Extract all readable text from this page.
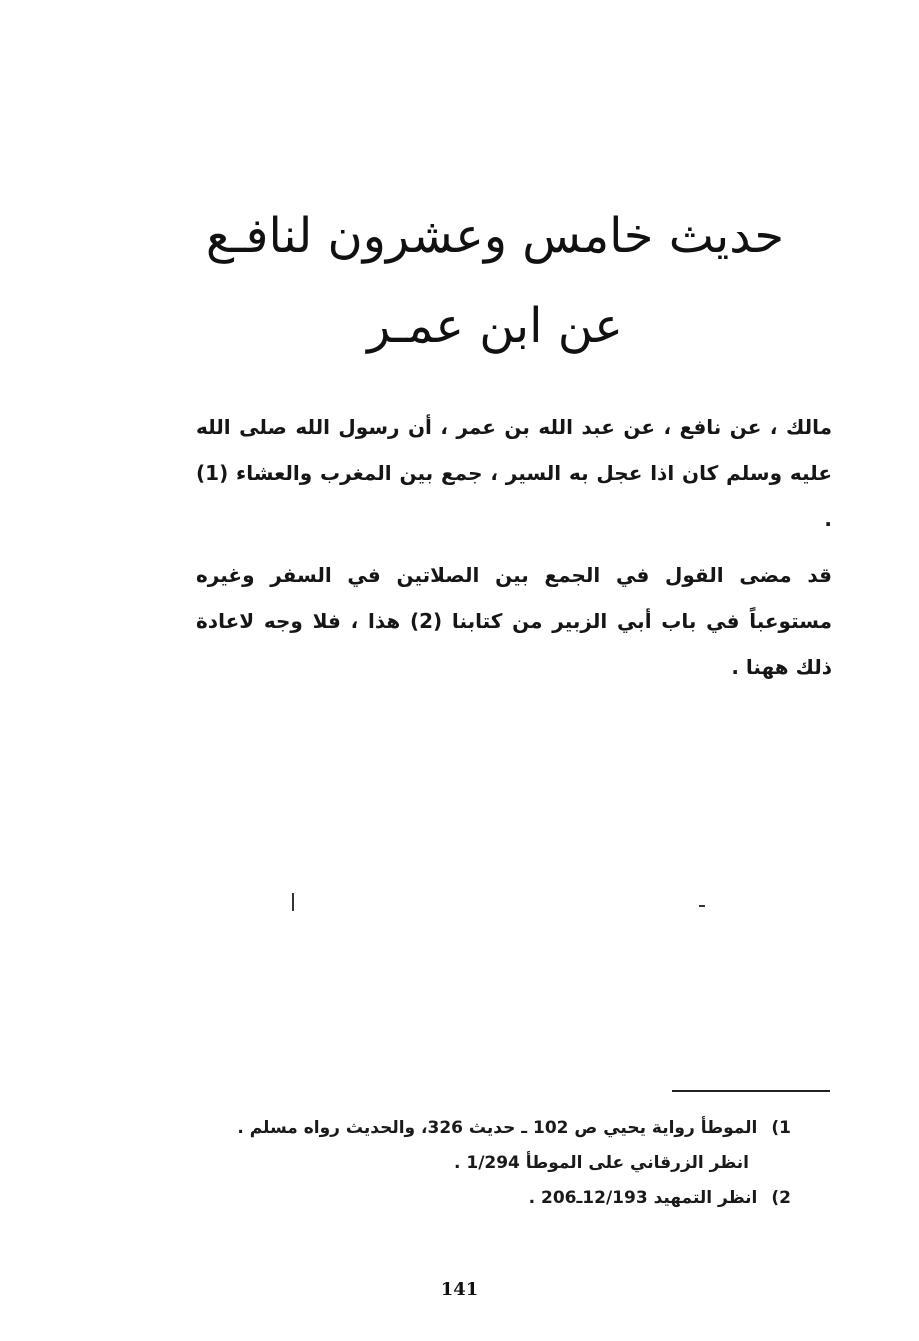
حديث خامس وعشرون لنافـع
عن ابن عمـر
مالك ، عن نافع ، عن عبد الله بن عمر ، أن رسول الله صلى الله عليه وسلم كان اذا عجل به السير ، جمع بين المغرب والعشاء (1) .
قد مضى القول في الجمع بين الصلاتين في السفر وغيره مستوعباً في باب أبي الزبير من كتابنا (2) هذا ، فلا وجه لاعادة ذلك ههنا .
1)الموطأ رواية يحيي ص 102 ـ حديث 326، والحديث رواه مسلم .
انظر الزرقاني على الموطأ 1/294 .
2)انظر التمهيد 12/193ـ206 .
141
